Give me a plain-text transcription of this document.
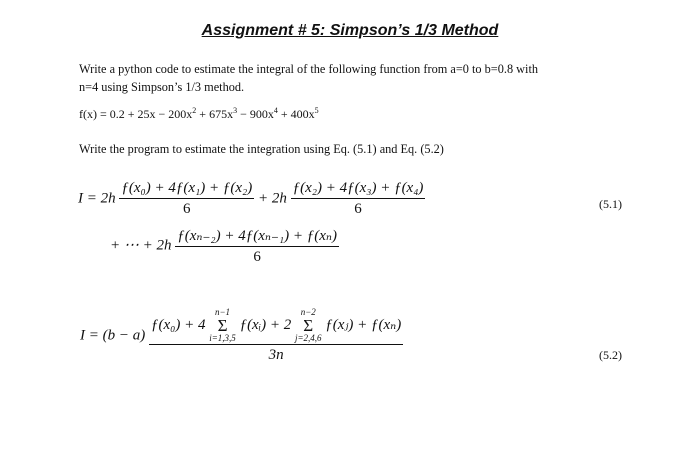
Assignment # 5: Simpson’s 1/3 Method
Write a python code to estimate the integral of the following function from a=0 to b=0.8 with
n=4 using Simpson’s 1/3 method.
$f(x) = 0.2 + 25x - 200x^2 + 675x^3 - 900x^4 + 400x^5$
Write the program to estimate the integration using Eq. (5.1) and Eq. (5.2)
$I = 2h \frac{\text{ƒ(x₀) + 4ƒ(x₁) + ƒ(x₂)}}{6} + 2h \frac{\text{ƒ(x₂) + 4ƒ(x₃) + ƒ(x₄)}}{6}$	(5.1)
+ ⋯ + $2h \frac{\text{ƒ(xₙ₋₂) + 4ƒ(xₙ₋₁) + ƒ(xₙ)}}{6}$
I = (b − a)
ƒ(x₀) + 4
n−1
Σ
i=1,3,5
ƒ(xᵢ) + 2
n−2
Σ
j=2,4,6
ƒ(xⱼ) + ƒ(xₙ)
3n	(5.2)
